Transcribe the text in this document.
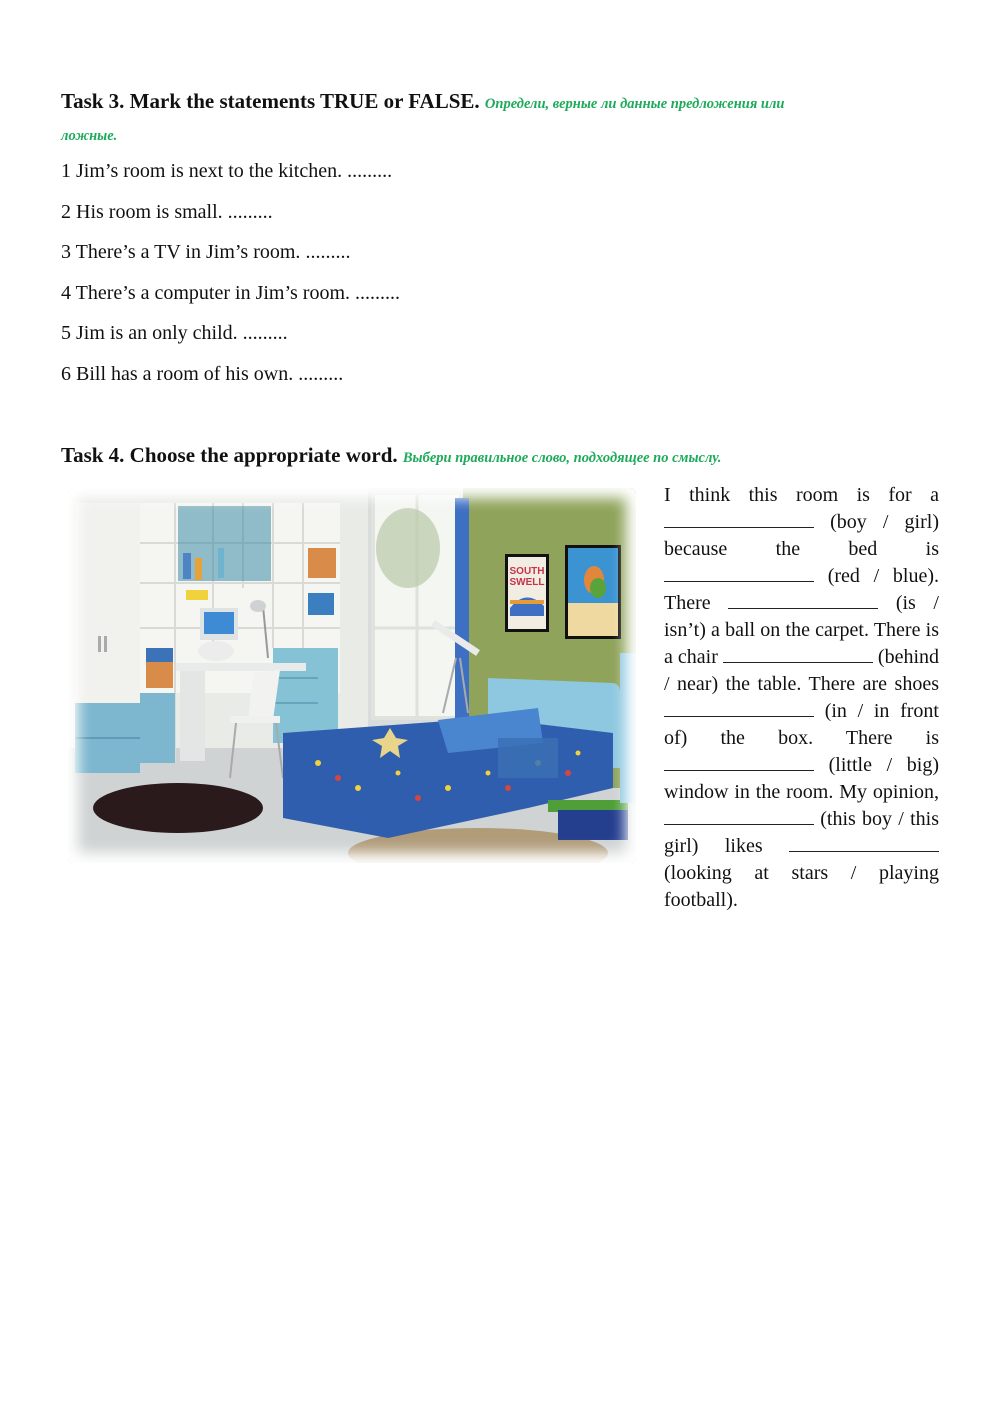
Task 3. Mark the statements TRUE or FALSE. Определи, верные ли данные предложения или
ложные.
1 Jim’s room is next to the kitchen. .........
2 His room is small. .........
3 There’s a TV in Jim’s room. .........
4 There’s a computer in Jim’s room. .........
5 Jim is an only child. .........
6 Bill has a room of his own. .........
Task 4. Choose the appropriate word. Выбери правильное слово, подходящее по смыслу.
SOUTH
SWELL
I think this room is for a  (boy / girl) because the bed is  (red / blue). There	(is / isn’t) a ball on the carpet. There is a chair	(behind / near) the table. There are shoes  (in / in front of) the box. There is  (little / big) window in the room. My opinion,  (this boy / this girl) likes  (looking at stars / playing football).
